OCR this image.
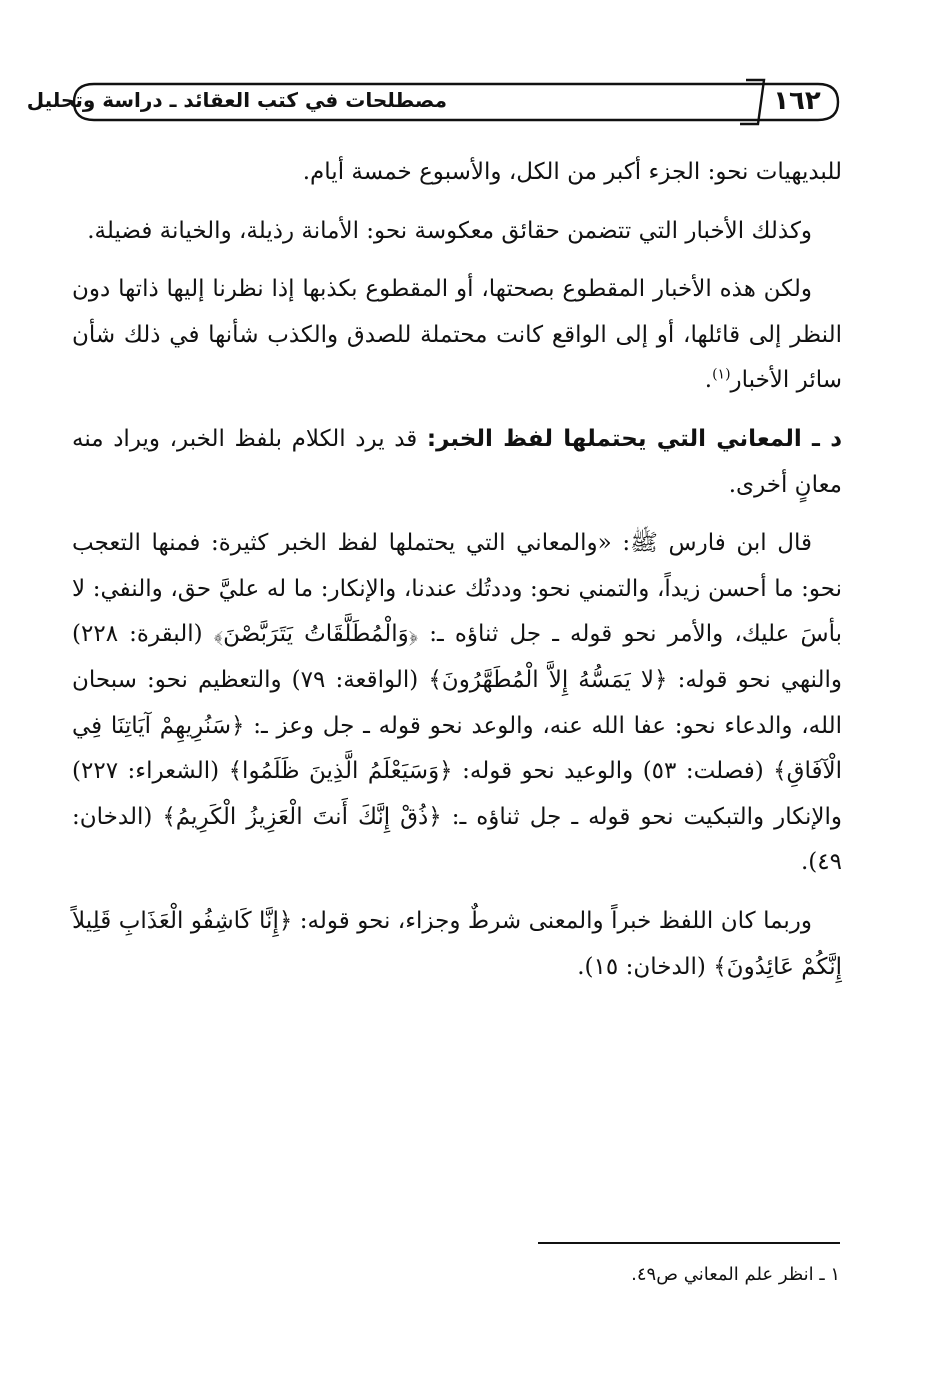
١٦٢
مصطلحات في كتب العقائد ـ دراسة وتحليل

للبديهيات نحو: الجزء أكبر من الكل، والأسبوع خمسة أيام.

وكذلك الأخبار التي تتضمن حقائق معكوسة نحو: الأمانة رذيلة، والخيانة فضيلة.

ولكن هذه الأخبار المقطوع بصحتها، أو المقطوع بكذبها إذا نظرنا إليها ذاتها دون النظر إلى قائلها، أو إلى الواقع كانت محتملة للصدق والكذب شأنها في ذلك شأن سائر الأخبار$^{(١)}$.

د ـ المعاني التي يحتملها لفظ الخبر: قد يرد الكلام بلفظ الخبر، ويراد منه معانٍ أخرى.

قال ابن فارس ﷺ: «والمعاني التي يحتملها لفظ الخبر كثيرة: فمنها التعجب نحو: ما أحسن زيداً، والتمني نحو: وددتُك عندنا، والإنكار: ما له عليَّ حق، والنفي: لا بأسَ عليك، والأمر نحو قوله ـ جل ثناؤه ـ: ﴿وَالْمُطَلَّقَاتُ يَتَرَبَّصْنَ﴾ (البقرة: ٢٢٨) والنهي نحو قوله: ﴿لا يَمَسُّهُ إِلاَّ الْمُطَهَّرُونَ﴾ (الواقعة: ٧٩) والتعظيم نحو: سبحان الله، والدعاء نحو: عفا الله عنه، والوعد نحو قوله ـ جل وعز ـ: ﴿سَنُرِيهِمْ آيَاتِنَا فِي الْآفَاقِ﴾ (فصلت: ٥٣) والوعيد نحو قوله: ﴿وَسَيَعْلَمُ الَّذِينَ ظَلَمُوا﴾ (الشعراء: ٢٢٧) والإنكار والتبكيت نحو قوله ـ جل ثناؤه ـ: ﴿ذُقْ إِنَّكَ أَنتَ الْعَزِيزُ الْكَرِيمُ﴾ (الدخان: ٤٩).

وربما كان اللفظ خبراً والمعنى شرطٌ وجزاء، نحو قوله: ﴿إِنَّا كَاشِفُو الْعَذَابِ قَلِيلاً إِنَّكُمْ عَائِدُونَ﴾ (الدخان: ١٥).

١ ـ انظر علم المعاني ص٤٩.
